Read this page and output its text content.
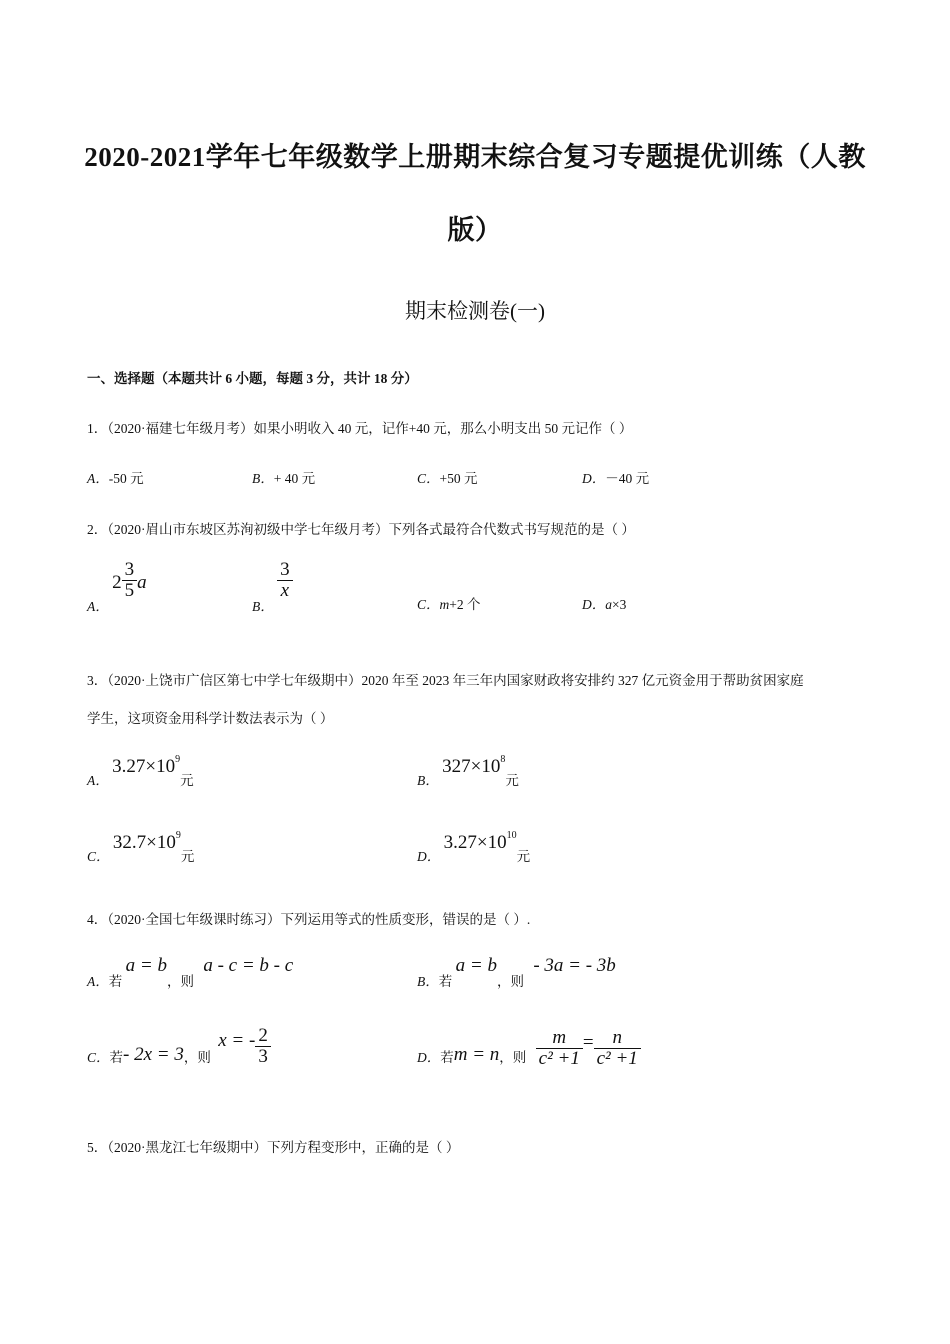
2020-2021学年七年级数学上册期末综合复习专题提优训练（人教
版）
期末检测卷(一)
一、选择题（本题共计 6 小题，每题 3 分，共计 18 分）
1．（2020·福建七年级月考）如果小明收入 40 元，记作+40 元，那么小明支出 50 元记作（ ）
A．-50 元	B．+ 40 元	C．+50 元	D．－40 元
2．（2020·眉山市东坡区苏洵初级中学七年级月考）下列各式最符合代数式书写规范的是（ ）
A． $2 \frac{3}{5}$ a
B．
$\frac{3}{x}$
C．m+2 个	D．a×3
3．（2020·上饶市广信区第七中学七年级期中）2020 年至 2023 年三年内国家财政将安排约 327 亿元资金用于帮助贫困家庭
学生，这项资金用科学计数法表示为（ ）
A． $3.27\times 10^9$元	B． $327\times 10^8$元
C． $32.7\times 10^9$元	D． $3.27\times 10^{10}$元
4．（2020·全国七年级课时练习）下列运用等式的性质变形，错误的是（ ）.
A．若 a = b，则 a - c = b - c
B．若 a = b，则 - 3a = - 3b
C．若- 2x = 3，则 x = - $\frac{2}{3}$	D．若m = n，则 $\frac{m}{\text{c² +1}} = \frac{n}{\text{c² +1}}$
5．（2020·黑龙江七年级期中）下列方程变形中，正确的是（ ）
